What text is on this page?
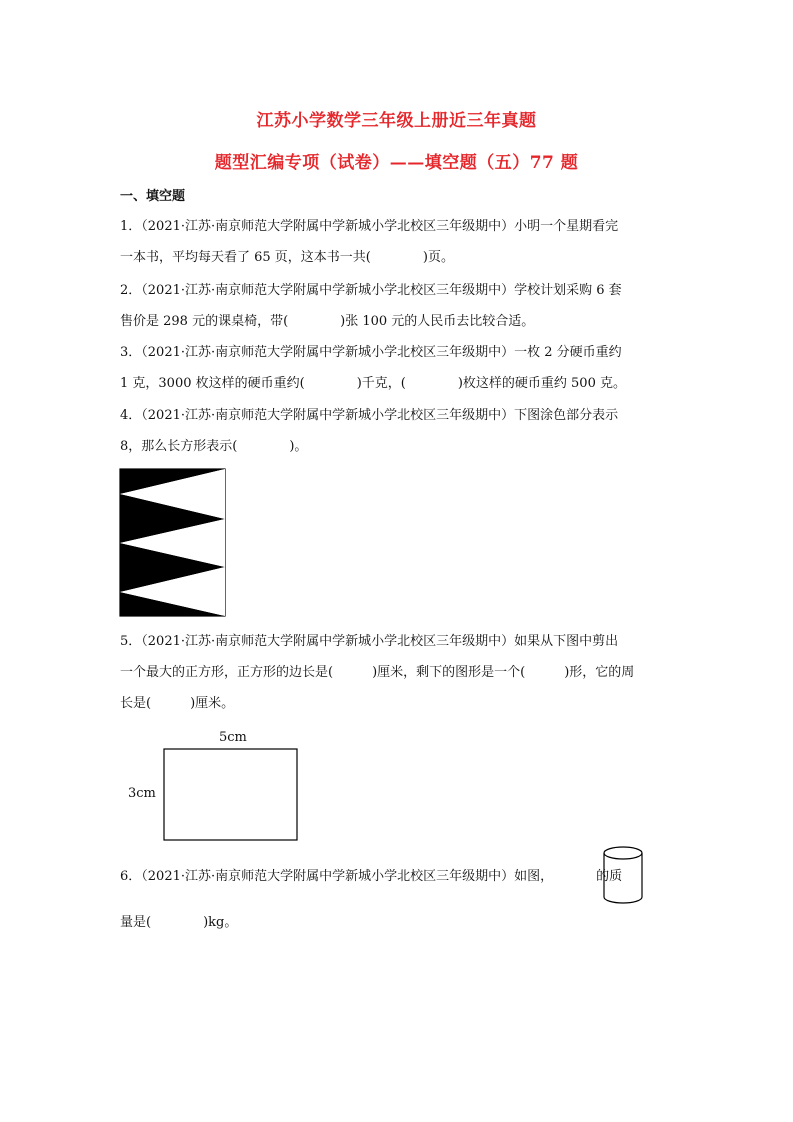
江苏小学数学三年级上册近三年真题
题型汇编专项（试卷）——填空题（五）77 题
一、填空题
1．（2021·江苏·南京师范大学附属中学新城小学北校区三年级期中）小明一个星期看完
一本书，平均每天看了 65 页，这本书一共(　　　　)页。
2．（2021·江苏·南京师范大学附属中学新城小学北校区三年级期中）学校计划采购 6 套
售价是 298 元的课桌椅，带(　　　　)张 100 元的人民币去比较合适。
3．（2021·江苏·南京师范大学附属中学新城小学北校区三年级期中）一枚 2 分硬币重约
1 克，3000 枚这样的硬币重约(　　　　)千克，(　　　　)枚这样的硬币重约 500 克。
4．（2021·江苏·南京师范大学附属中学新城小学北校区三年级期中）下图涂色部分表示
8，那么长方形表示(　　　　)。
5．（2021·江苏·南京师范大学附属中学新城小学北校区三年级期中）如果从下图中剪出
一个最大的正方形，正方形的边长是(　　　)厘米，剩下的图形是一个(　　　)形，它的周
长是(　　　)厘米。
5cm
3cm
6．（2021·江苏·南京师范大学附属中学新城小学北校区三年级期中）如图，	的质
量是(　　　　)kg。
